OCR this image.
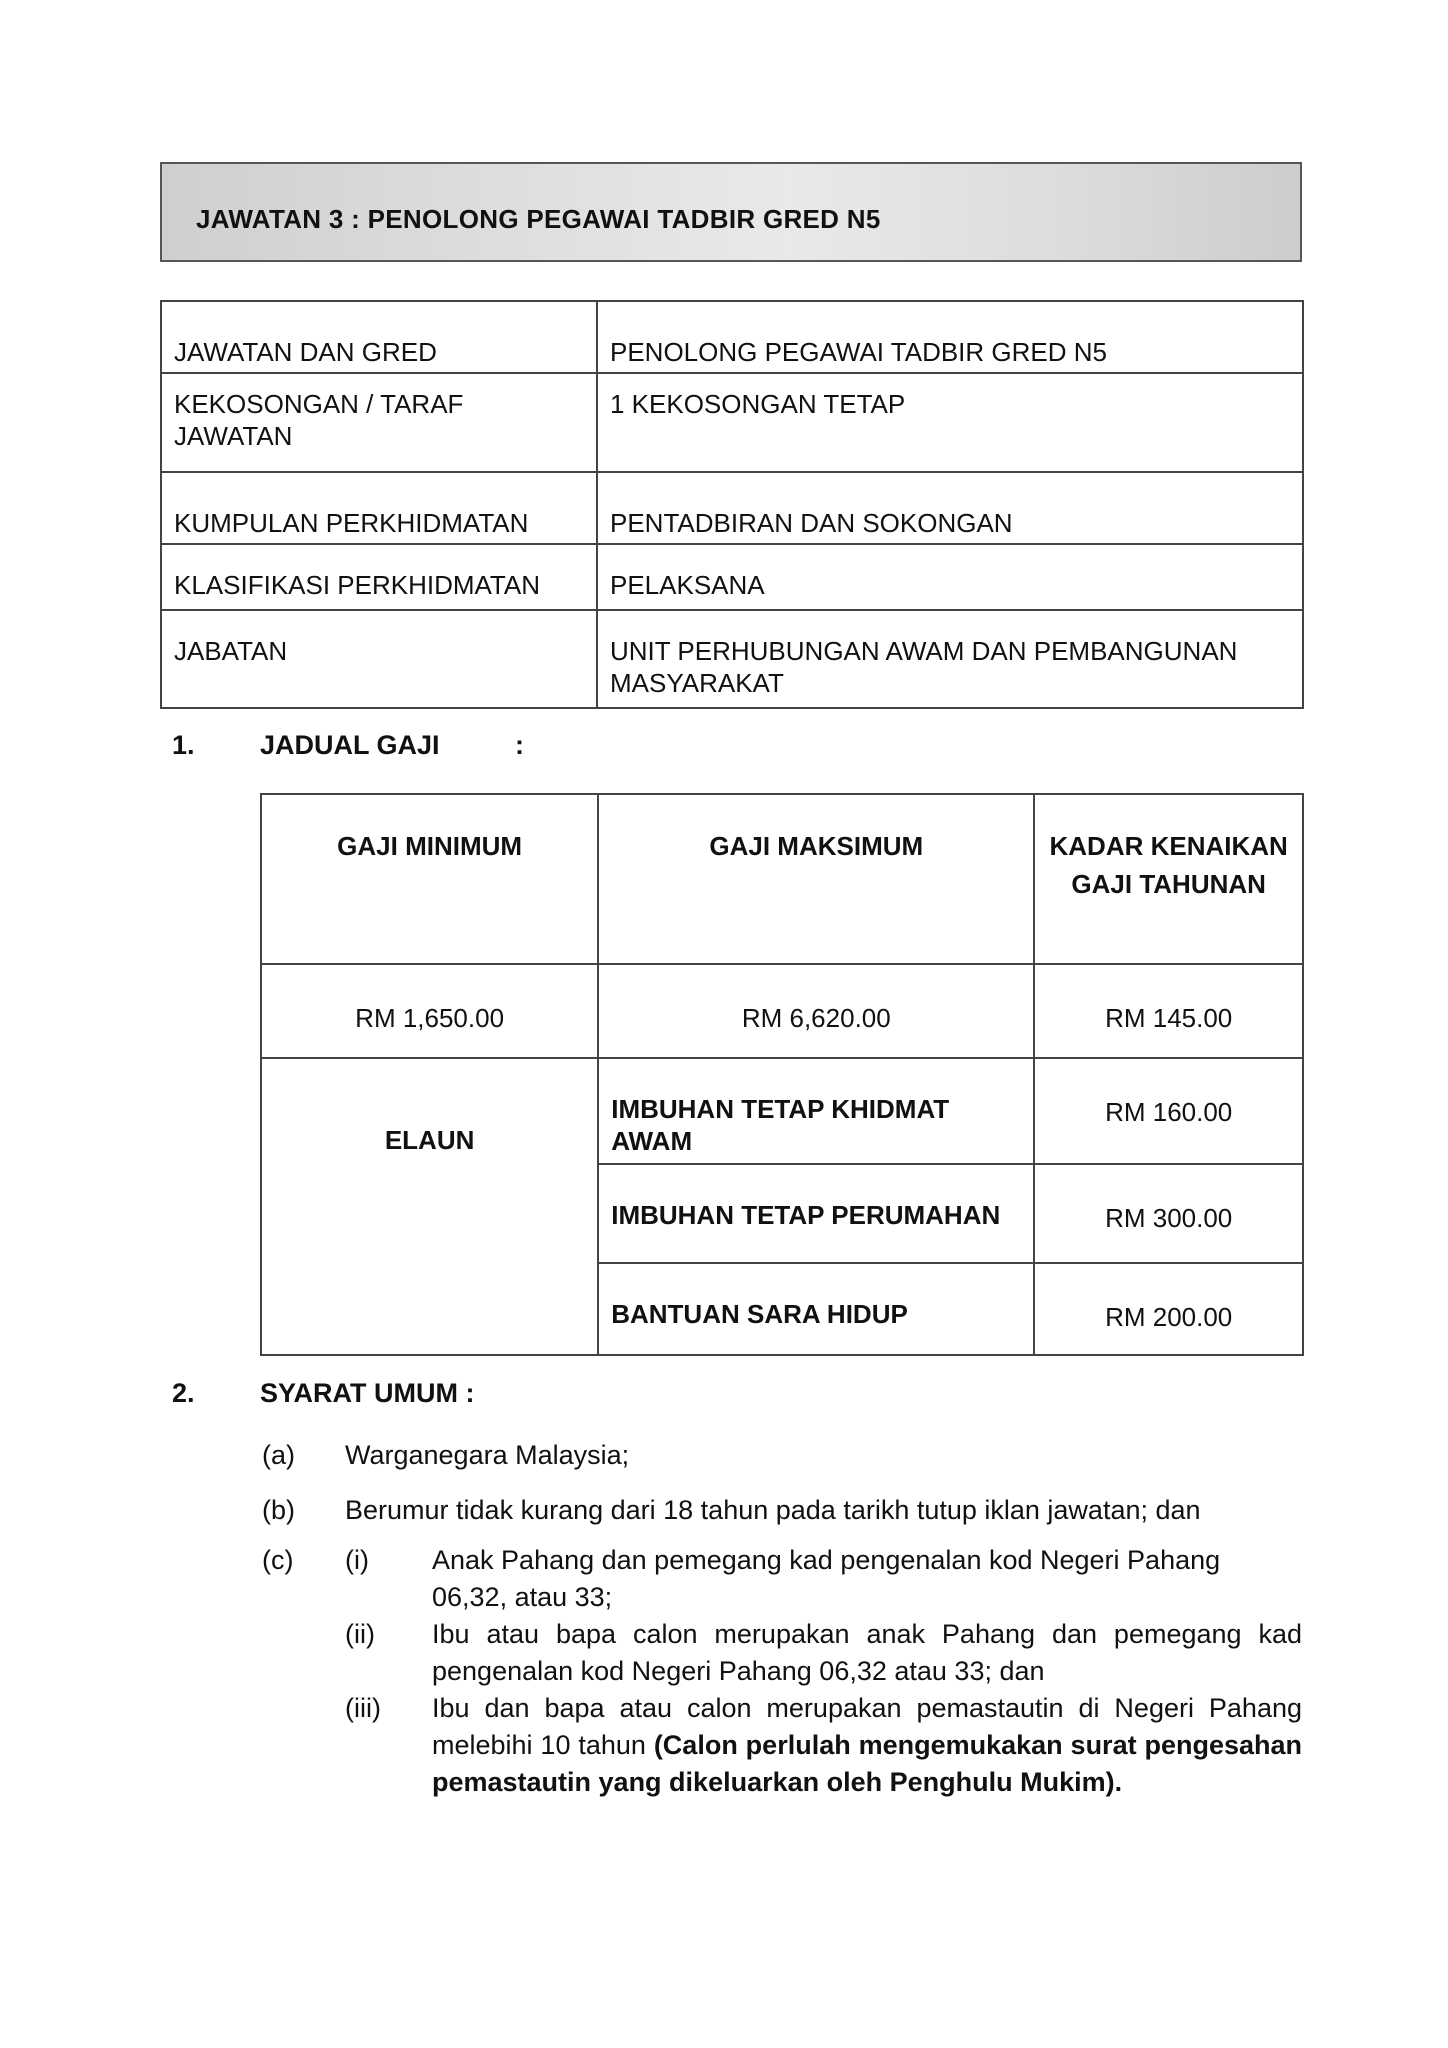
JAWATAN 3 : PENOLONG PEGAWAI TADBIR GRED N5
JAWATAN DAN GRED	PENOLONG PEGAWAI TADBIR GRED N5
KEKOSONGAN / TARAF JAWATAN	1 KEKOSONGAN TETAP
KUMPULAN PERKHIDMATAN	PENTADBIRAN DAN SOKONGAN
KLASIFIKASI PERKHIDMATAN	PELAKSANA
JABATAN	UNIT PERHUBUNGAN AWAM DAN PEMBANGUNAN MASYARAKAT
1. JADUAL GAJI	:
GAJI MINIMUM	GAJI MAKSIMUM	KADAR KENAIKAN GAJI TAHUNAN
RM 1,650.00	RM 6,620.00	RM 145.00
ELAUN	IMBUHAN TETAP KHIDMAT AWAM	RM 160.00
	IMBUHAN TETAP PERUMAHAN	RM 300.00
	BANTUAN SARA HIDUP	RM 200.00
2. SYARAT UMUM :
(a) Warganegara Malaysia;
(b) Berumur tidak kurang dari 18 tahun pada tarikh tutup iklan jawatan; dan
(c) (i) Anak Pahang dan pemegang kad pengenalan kod Negeri Pahang 06,32, atau 33;
(ii) Ibu atau bapa calon merupakan anak Pahang dan pemegang kad pengenalan kod Negeri Pahang 06,32 atau 33; dan
(iii) Ibu dan bapa atau calon merupakan pemastautin di Negeri Pahang melebihi 10 tahun (Calon perlulah mengemukakan surat pengesahan pemastautin yang dikeluarkan oleh Penghulu Mukim).
